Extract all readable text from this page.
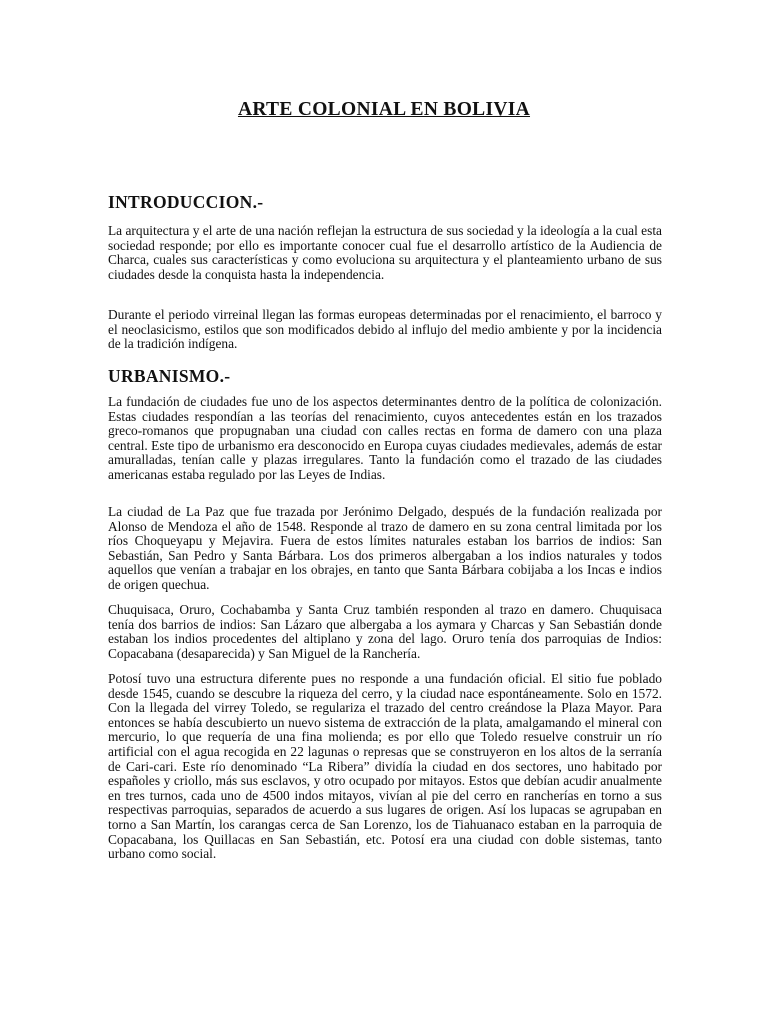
ARTE COLONIAL EN BOLIVIA
INTRODUCCION.-

La arquitectura y el arte de una nación reflejan la estructura de sus sociedad y la ideología a la cual esta sociedad responde; por ello es importante conocer cual fue el desarrollo artístico de la Audiencia de Charca, cuales sus características y como evoluciona su arquitectura y el planteamiento urbano de sus ciudades desde la conquista hasta la independencia.

Durante el periodo virreinal llegan las formas europeas determinadas por el renacimiento, el barroco y el neoclasicismo, estilos que son modificados debido al influjo del medio ambiente y por la incidencia de la tradición indígena.

URBANISMO.-

La fundación de ciudades fue uno de los aspectos determinantes dentro de la política de colonización. Estas ciudades respondían a las teorías del renacimiento, cuyos antecedentes están en los trazados greco-romanos que propugnaban una ciudad con calles rectas en forma de damero con una plaza central. Este tipo de urbanismo era desconocido en Europa cuyas ciudades medievales, además de estar amuralladas, tenían calle y plazas irregulares. Tanto la fundación como el trazado de las ciudades americanas estaba regulado por las Leyes de Indias.

La ciudad de La Paz que fue trazada por Jerónimo Delgado, después de la fundación realizada por Alonso de Mendoza el año de 1548. Responde al trazo de damero en su zona central limitada por los ríos Choqueyapu y Mejavira. Fuera de estos límites naturales estaban los barrios de indios: San Sebastián, San Pedro y Santa Bárbara. Los dos primeros albergaban a los indios naturales y todos aquellos que venían a trabajar en los obrajes, en tanto que Santa Bárbara cobijaba a los Incas e indios de origen quechua.

Chuquisaca, Oruro, Cochabamba y Santa Cruz también responden al trazo en damero. Chuquisaca tenía dos barrios de indios: San Lázaro que albergaba a los aymara y Charcas y San Sebastián donde estaban los indios procedentes del altiplano y zona del lago. Oruro tenía dos parroquias de Indios: Copacabana (desaparecida) y San Miguel de la Ranchería.

Potosí tuvo una estructura diferente pues no responde a una fundación oficial. El sitio fue poblado desde 1545, cuando se descubre la riqueza del cerro, y la ciudad nace espontáneamente. Solo en 1572. Con la llegada del virrey Toledo, se regulariza el trazado del centro creándose la Plaza Mayor. Para entonces se había descubierto un nuevo sistema de extracción de la plata, amalgamando el mineral con mercurio, lo que requería de una fina molienda; es por ello que Toledo resuelve construir un río artificial con el agua recogida en 22 lagunas o represas que se construyeron en los altos de la serranía de Cari-cari. Este río denominado “La Ribera” dividía la ciudad en dos sectores, uno habitado por españoles y criollo, más sus esclavos, y otro ocupado por mitayos. Estos que debían acudir anualmente en tres turnos, cada uno de 4500 indos mitayos, vivían al pie del cerro en rancherías en torno a sus respectivas parroquias, separados de acuerdo a sus lugares de origen. Así los lupacas se agrupaban en torno a San Martín, los carangas cerca de San Lorenzo, los de Tiahuanaco estaban en la parroquia de Copacabana, los Quillacas en San Sebastián, etc. Potosí era una ciudad con doble sistemas, tanto urbano como social.
